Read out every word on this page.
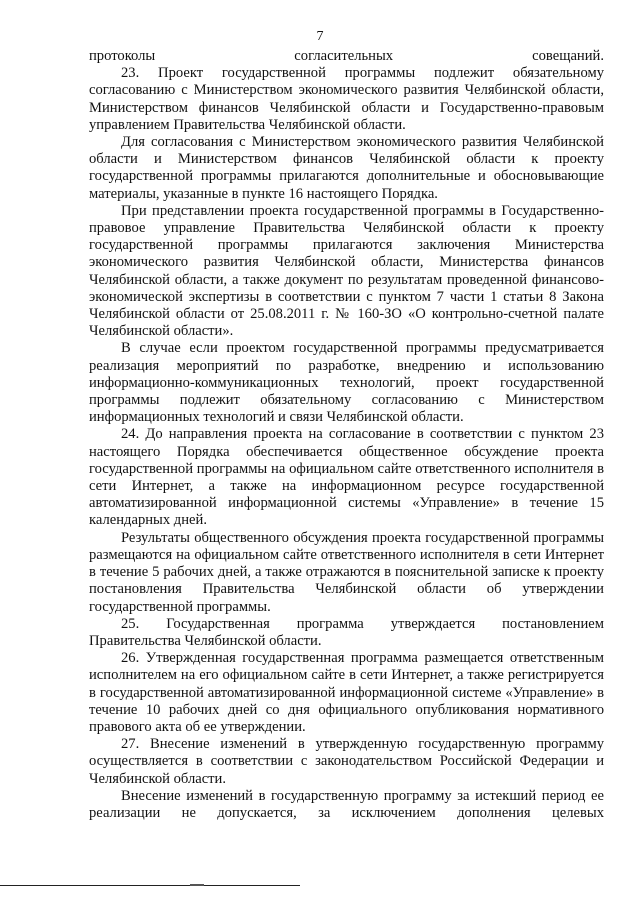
7

протоколы согласительных совещаний.

23. Проект государственной программы подлежит обязательному согласованию с Министерством экономического развития Челябинской области, Министерством финансов Челябинской области и Государственно-правовым управлением Правительства Челябинской области.

Для согласования с Министерством экономического развития Челябинской области и Министерством финансов Челябинской области к проекту государственной программы прилагаются дополнительные и обосновывающие материалы, указанные в пункте 16 настоящего Порядка.

При представлении проекта государственной программы в Государственно-правовое управление Правительства Челябинской области к проекту государственной программы прилагаются заключения Министерства экономического развития Челябинской области, Министерства финансов Челябинской области, а также документ по результатам проведенной финансово-экономической экспертизы в соответствии с пунктом 7 части 1 статьи 8 Закона Челябинской области от 25.08.2011 г. № 160-ЗО «О контрольно-счетной палате Челябинской области».

В случае если проектом государственной программы предусматривается реализация мероприятий по разработке, внедрению и использованию информационно-коммуникационных технологий, проект государственной программы подлежит обязательному согласованию с Министерством информационных технологий и связи Челябинской области.

24. До направления проекта на согласование в соответствии с пунктом 23 настоящего Порядка обеспечивается общественное обсуждение проекта государственной программы на официальном сайте ответственного исполнителя в сети Интернет, а также на информационном ресурсе государственной автоматизированной информационной системы «Управление» в течение 15 календарных дней.

Результаты общественного обсуждения проекта государственной программы размещаются на официальном сайте ответственного исполнителя в сети Интернет в течение 5 рабочих дней, а также отражаются в пояснительной записке к проекту постановления Правительства Челябинской области об утверждении государственной программы.

25. Государственная программа утверждается постановлением Правительства Челябинской области.

26. Утвержденная государственная программа размещается ответственным исполнителем на его официальном сайте в сети Интернет, а также регистрируется в государственной автоматизированной информационной системе «Управление» в течение 10 рабочих дней со дня официального опубликования нормативного правового акта об ее утверждении.

27. Внесение изменений в утвержденную государственную программу осуществляется в соответствии с законодательством Российской Федерации и Челябинской области.

Внесение изменений в государственную программу за истекший период ее реализации не допускается, за исключением дополнения целевых
